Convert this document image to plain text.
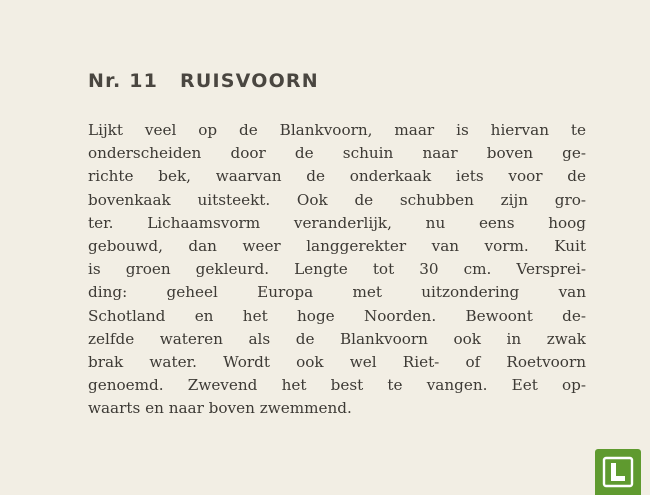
Nr. 11 RUISVOORN

Lijkt veel op de Blankvoorn, maar is hiervan te
onderscheiden door de schuin naar boven ge-
richte bek, waarvan de onderkaak iets voor de
bovenkaak uitsteekt. Ook de schubben zijn gro-
ter. Lichaamsvorm veranderlijk, nu eens hoog
gebouwd, dan weer langgerekter van vorm. Kuit
is groen gekleurd. Lengte tot 30 cm. Versprei-
ding: geheel Europa met uitzondering van
Schotland en het hoge Noorden. Bewoont de-
zelfde wateren als de Blankvoorn ook in zwak
brak water. Wordt ook wel Riet- of Roetvoorn
genoemd. Zwevend het best te vangen. Eet op-
waarts en naar boven zwemmend.
